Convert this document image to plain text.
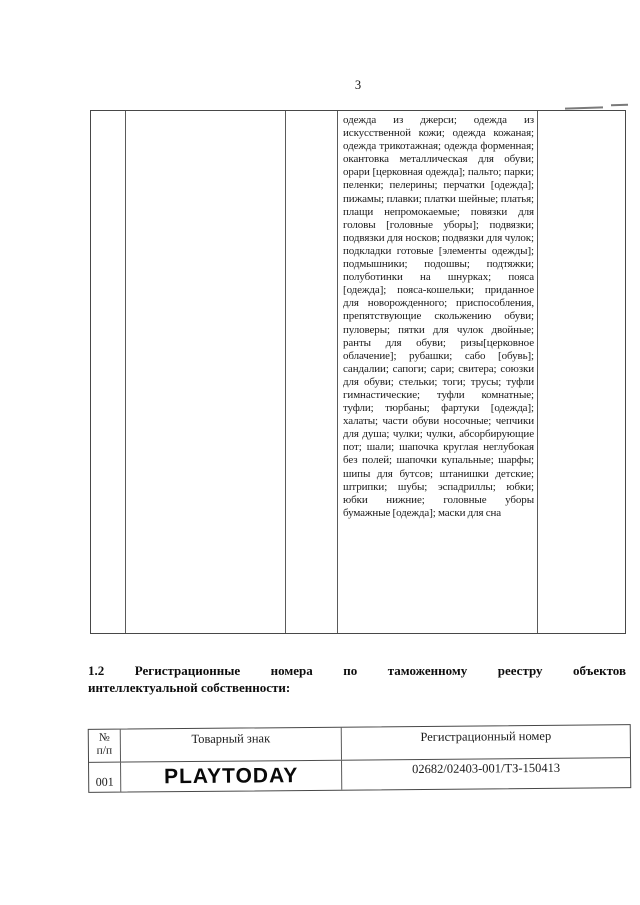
3
одежда из джерси; одежда из искусственной кожи; одежда кожаная; одежда трикотажная; одежда форменная; окантовка металлическая для обуви; орари [церковная одежда]; пальто; парки; пеленки; пелерины; перчатки [одежда]; пижамы; плавки; платки шейные; платья; плащи непромокаемые; повязки для головы [головные уборы]; подвязки; подвязки для носков; подвязки для чулок; подкладки готовые [элементы одежды]; подмышники; подошвы; подтяжки; полуботинки на шнурках; пояса [одежда]; пояса-кошельки; приданное для новорожденного; приспособления, препятствующие скольжению обуви; пуловеры; пятки для чулок двойные; ранты для обуви; ризы[церковное облачение]; рубашки; сабо [обувь]; сандалии; сапоги; сари; свитера; союзки для обуви; стельки; тоги; трусы; туфли гимнастические; туфли комнатные; туфли; тюрбаны; фартуки [одежда]; халаты; части обуви носочные; чепчики для душа; чулки; чулки, абсорбирующие пот; шали; шапочка круглая неглубокая без полей; шапочки купальные; шарфы; шипы для бутсов; штанишки детские; штрипки; шубы; эспадриллы; юбки; юбки нижние; головные уборы бумажные [одежда]; маски для сна
1.2 Регистрационные номера по таможенному реестру объектов
интеллектуальной собственности:
№
п/п
Товарный знак	Регистрационный номер
001 PLAYTODAY	02682/02403-001/ТЗ-150413
